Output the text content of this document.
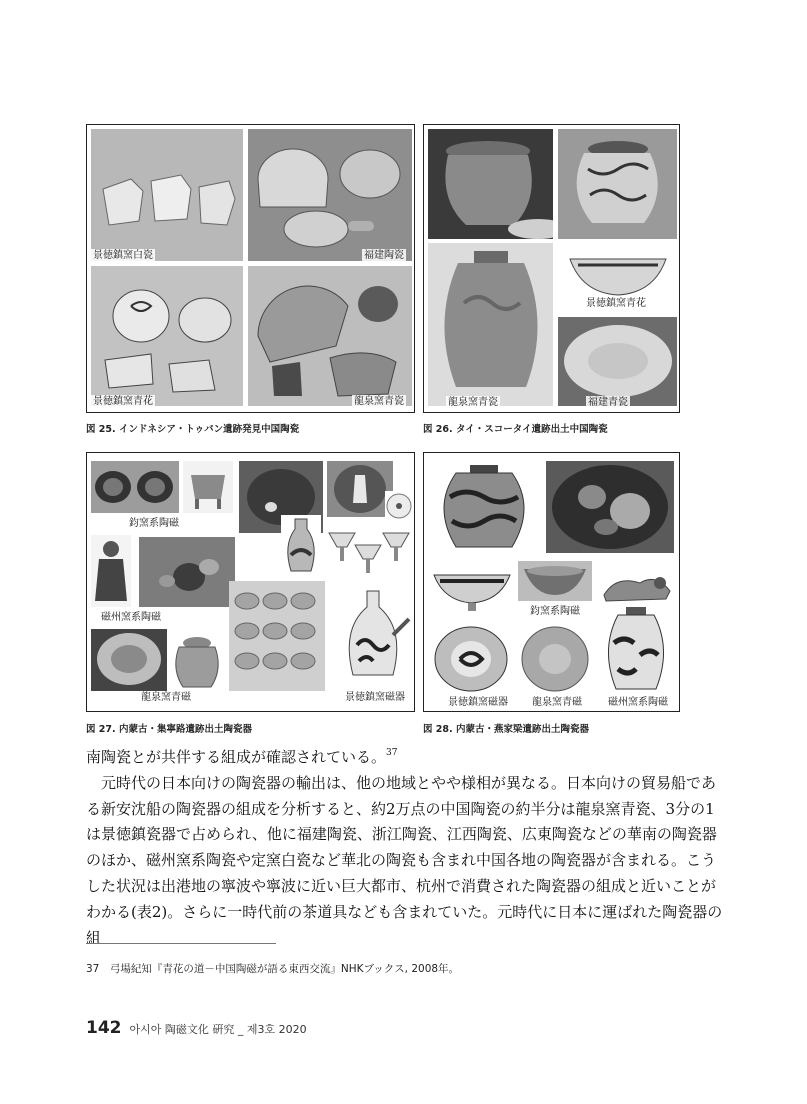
景徳鎮窯白瓷	福建陶瓷
景徳鎮窯青花	龍泉窯青瓷
図 25. インドネシア・トゥバン遺跡発見中国陶瓷
龍泉窯青瓷
景徳鎮窯青花
福建青瓷
図 26. タイ・スコータイ遺跡出土中国陶瓷
鈞窯系陶磁
磁州窯系陶磁
龍泉窯青磁	景徳鎮窯磁器
図 27. 内蒙古・集寧路遺跡出土陶瓷器
鈞窯系陶磁
景徳鎮窯磁器 龍泉窯青磁	磁州窯系陶磁
図 28. 内蒙古・燕家梁遺跡出土陶瓷器

南陶瓷とが共伴する組成が確認されている。$^{37}$

元時代の日本向けの陶瓷器の輸出は、他の地域とやや様相が異なる。日本向けの貿易船である新安沈船の陶瓷器の組成を分析すると、約2万点の中国陶瓷の約半分は龍泉窯青瓷、3分の1は景徳鎮瓷器で占められ、他に福建陶瓷、浙江陶瓷、江西陶瓷、広東陶瓷などの華南の陶瓷器のほか、磁州窯系陶瓷や定窯白瓷など華北の陶瓷も含まれ中国各地の陶瓷器が含まれる。こうした状況は出港地の寧波や寧波に近い巨大都市、杭州で消費された陶瓷器の組成と近いことがわかる(表2)。さらに一時代前の茶道具なども含まれていた。元時代に日本に運ばれた陶瓷器の組

37　弓場紀知『青花の道－中国陶磁が語る東西交流』NHKブックス, 2008年。
142 아시아 陶磁文化 硏究 _ 제3호 2020
